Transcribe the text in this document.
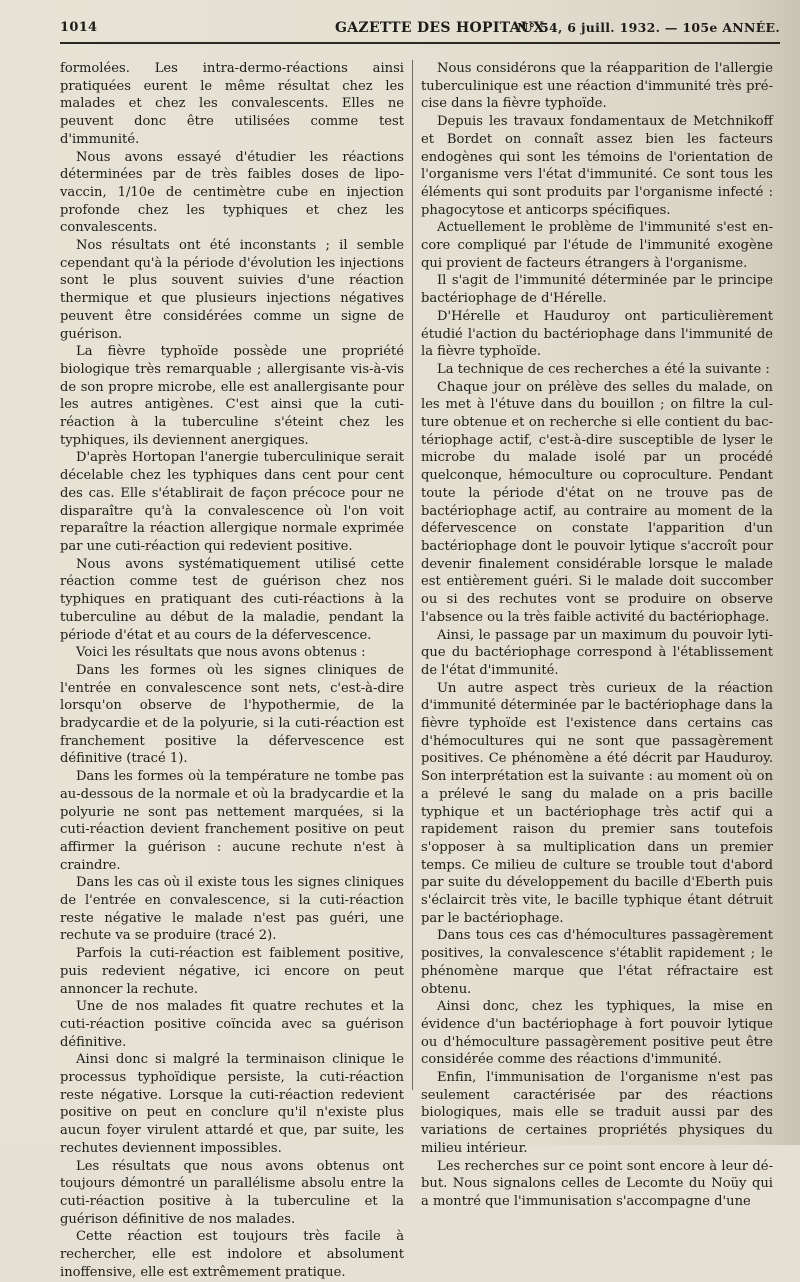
1014	GAZETTE DES HOPITAUX
N° 54, 6 juill. 1932. — 105e ANNÉE.

formolées. Les intra-dermo-réactions ainsi pratiquées eurent le même résultat chez les malades et chez les convalescents. Elles ne peuvent donc être utilisées comme test d'immunité.

Nous avons essayé d'étudier les réactions déterminées par de très faibles doses de lipo-vaccin, 1/10e de centimètre cube en injection profonde chez les typhiques et chez les convalescents.

Nos résultats ont été inconstants ; il semble cependant qu'à la période d'évolution les injections sont le plus souvent suivies d'une réaction thermique et que plusieurs injections négatives peuvent être considérées comme un signe de guérison.

La fièvre typhoïde possède une propriété biologique très remarquable ; allergisante vis-à-vis de son propre microbe, elle est anallergisante pour les autres antigènes. C'est ainsi que la cuti-réaction à la tuberculine s'éteint chez les typhiques, ils deviennent anergiques.

D'après Hortopan l'anergie tuberculinique serait décelable chez les typhiques dans cent pour cent des cas. Elle s'établirait de façon précoce pour ne disparaître qu'à la convalescence où l'on voit reparaître la réaction allergique normale exprimée par une cuti-réaction qui redevient positive.

Nous avons systématiquement utilisé cette réaction comme test de guérison chez nos typhiques en pratiquant des cuti-réactions à la tuberculine au début de la maladie, pendant la période d'état et au cours de la défervescence.

Voici les résultats que nous avons obtenus :

Dans les formes où les signes cliniques de l'entrée en convalescence sont nets, c'est-à-dire lorsqu'on observe de l'hypothermie, de la bradycardie et de la polyurie, si la cuti-réaction est franchement positive la défervescence est définitive (tracé 1).

Dans les formes où la température ne tombe pas au-dessous de la normale et où la bradycardie et la polyurie ne sont pas nettement marquées, si la cuti-réaction devient franchement positive on peut affirmer la guérison : aucune rechute n'est à craindre.

Dans les cas où il existe tous les signes cliniques de l'entrée en convalescence, si la cuti-réaction reste négative le malade n'est pas guéri, une rechute va se produire (tracé 2).

Parfois la cuti-réaction est faiblement positive, puis redevient négative, ici encore on peut annoncer la rechute.

Une de nos malades fit quatre rechutes et la cuti-réaction positive coïncida avec sa guérison définitive.

Ainsi donc si malgré la terminaison clinique le processus typhoïdique persiste, la cuti-réaction reste négative. Lorsque la cuti-réaction redevient positive on peut en conclure qu'il n'existe plus aucun foyer virulent attardé et que, par suite, les rechutes deviennent impossibles.

Les résultats que nous avons obtenus ont toujours démontré un parallélisme absolu entre la cuti-réaction positive à la tuberculine et la guérison définitive de nos malades.

Cette réaction est toujours très facile à rechercher, elle est indolore et absolument inoffensive, elle est extrêmement pratique.

Nous considérons que la réapparition de l'allergie tuberculinique est une réaction d'immunité très précise dans la fièvre typhoïde.

Depuis les travaux fondamentaux de Metchnikoff et Bordet on connaît assez bien les facteurs endogènes qui sont les témoins de l'orientation de l'organisme vers l'état d'immunité. Ce sont tous les éléments qui sont produits par l'organisme infecté : phagocytose et anticorps spécifiques.

Actuellement le problème de l'immunité s'est encore compliqué par l'étude de l'immunité exogène qui provient de facteurs étrangers à l'organisme.

Il s'agit de l'immunité déterminée par le principe bactériophage de d'Hérelle.

D'Hérelle et Hauduroy ont particulièrement étudié l'action du bactériophage dans l'immunité de la fièvre typhoïde.

La technique de ces recherches a été la suivante :

Chaque jour on prélève des selles du malade, on les met à l'étuve dans du bouillon ; on filtre la culture obtenue et on recherche si elle contient du bactériophage actif, c'est-à-dire susceptible de lyser le microbe du malade isolé par un procédé quelconque, hémoculture ou coproculture. Pendant toute la période d'état on ne trouve pas de bactériophage actif, au contraire au moment de la défervescence on constate l'apparition d'un bactériophage dont le pouvoir lytique s'accroît pour devenir finalement considérable lorsque le malade est entièrement guéri. Si le malade doit succomber ou si des rechutes vont se produire on observe l'absence ou la très faible activité du bactériophage.

Ainsi, le passage par un maximum du pouvoir lytique du bactériophage correspond à l'établissement de l'état d'immunité.

Un autre aspect très curieux de la réaction d'immunité déterminée par le bactériophage dans la fièvre typhoïde est l'existence dans certains cas d'hémocultures qui ne sont que passagèrement positives. Ce phénomène a été décrit par Hauduroy. Son interprétation est la suivante : au moment où on a prélevé le sang du malade on a pris bacille typhique et un bactériophage très actif qui a rapidement raison du premier sans toutefois s'opposer à sa multiplication dans un premier temps. Ce milieu de culture se trouble tout d'abord par suite du développement du bacille d'Eberth puis s'éclaircit très vite, le bacille typhique étant détruit par le bactériophage.

Dans tous ces cas d'hémocultures passagèrement positives, la convalescence s'établit rapidement ; le phénomène marque que l'état réfractaire est obtenu.

Ainsi donc, chez les typhiques, la mise en évidence d'un bactériophage à fort pouvoir lytique ou d'hémoculture passagèrement positive peut être considérée comme des réactions d'immunité.

Enfin, l'immunisation de l'organisme n'est pas seulement caractérisée par des réactions biologiques, mais elle se traduit aussi par des variations de certaines propriétés physiques du milieu intérieur.

Les recherches sur ce point sont encore à leur début. Nous signalons celles de Lecomte du Noüy qui a montré que l'immunisation s'accompagne d'une
